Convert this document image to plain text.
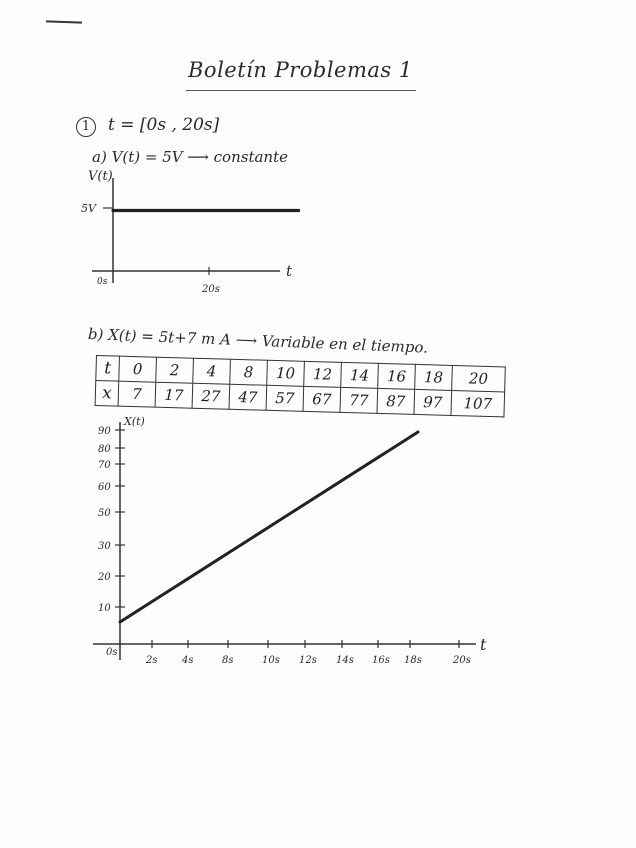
Boletín Problemas 1
1	t = [0s , 20s]
a) V(t) = 5V ⟶ constante
V(t)
t
5V
0s
20s
b) X(t) = 5t+7 m A ⟶ Variable en el tiempo.
t	0	2	4	8	10	12	14	16	18	20
x	7	17	27	47	57	67	77	87	97	107
0s
2s 4s	8s	10s 12s 14s 16s 18s	20s
10
20
30
50
60
70
80
90
X(t)
t
